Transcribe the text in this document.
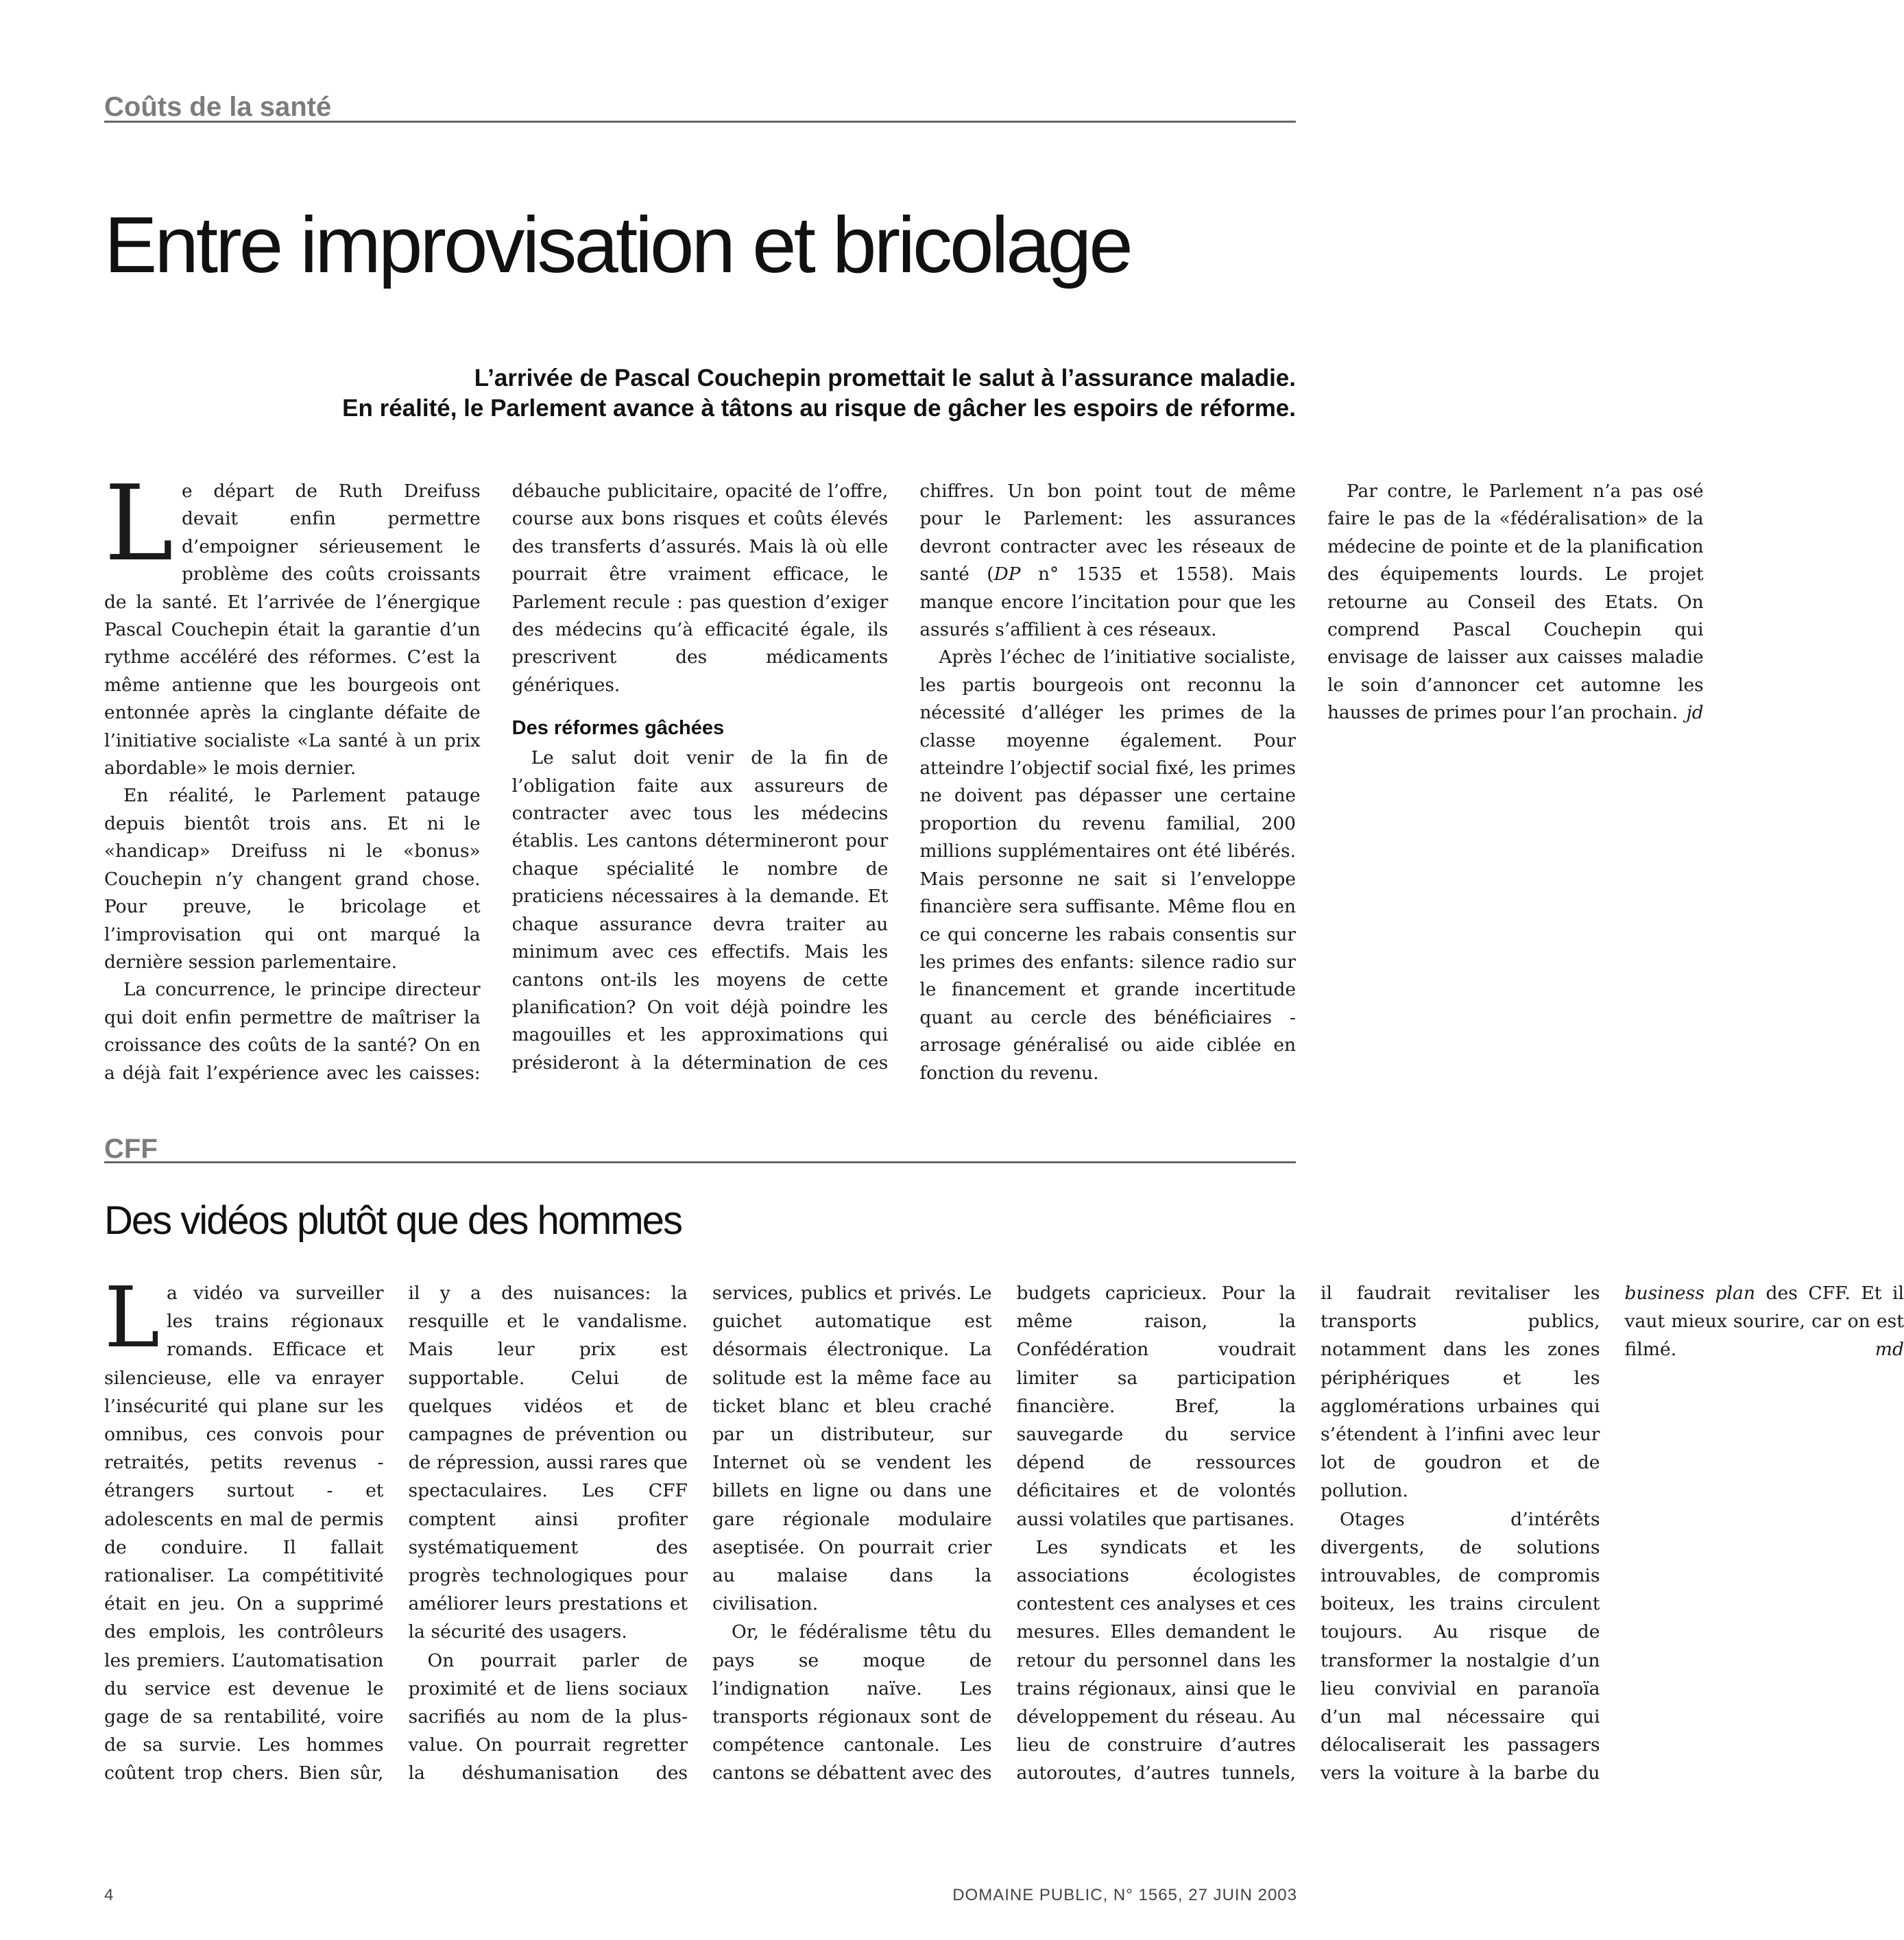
Coûts de la santé
Entre improvisation et bricolage
L’arrivée de Pascal Couchepin promettait le salut à l’assurance maladie.
En réalité, le Parlement avance à tâtons au risque de gâcher les espoirs de réforme.

Le départ de Ruth Dreifuss devait enfin permettre d’empoigner sérieusement le problème des coûts croissants de la santé. Et l’arrivée de l’énergique Pascal Couchepin était la garantie d’un rythme accéléré des réformes. C’est la même antienne que les bourgeois ont entonnée après la cinglante défaite de l’initiative socialiste «La santé à un prix abordable» le mois dernier.

En réalité, le Parlement patauge depuis bientôt trois ans. Et ni le «handicap» Dreifuss ni le «bonus» Couchepin n’y changent grand chose. Pour preuve, le bricolage et l’improvisation qui ont marqué la dernière session parlementaire.

La concurrence, le principe directeur qui doit enfin permettre de maîtriser la croissance des coûts de la santé? On en a déjà fait l’expérience avec les caisses: débauche publicitaire, opacité de l’offre, course aux bons risques et coûts élevés des transferts d’assurés. Mais là où elle pourrait être vraiment efficace, le Parlement recule : pas question d’exiger des médecins qu’à efficacité égale, ils prescrivent des médicaments génériques.

Des réformes gâchées

Le salut doit venir de la fin de l’obligation faite aux assureurs de contracter avec tous les médecins établis. Les cantons détermineront pour chaque spécialité le nombre de praticiens nécessaires à la demande. Et chaque assurance devra traiter au minimum avec ces effectifs. Mais les cantons ont-ils les moyens de cette planification? On voit déjà poindre les magouilles et les approximations qui présideront à la détermination de ces chiffres. Un bon point tout de même pour le Parlement: les assurances devront contracter avec les réseaux de santé (DP n° 1535 et 1558). Mais manque encore l’incitation pour que les assurés s’affilient à ces réseaux.

Après l’échec de l’initiative socialiste, les partis bourgeois ont reconnu la nécessité d’alléger les primes de la classe moyenne également. Pour atteindre l’objectif social fixé, les primes ne doivent pas dépasser une certaine proportion du revenu familial, 200 millions supplémentaires ont été libérés. Mais personne ne sait si l’enveloppe financière sera suffisante. Même flou en ce qui concerne les rabais consentis sur les primes des enfants: silence radio sur le financement et grande incertitude quant au cercle des bénéficiaires - arrosage généralisé ou aide ciblée en fonction du revenu.

Par contre, le Parlement n’a pas osé faire le pas de la «fédéralisation» de la médecine de pointe et de la planification des équipements lourds. Le projet retourne au Conseil des Etats. On comprend Pascal Couchepin qui envisage de laisser aux caisses maladie le soin d’annoncer cet automne les hausses de primes pour l’an prochain. jd

CFF
Des vidéos plutôt que des hommes

La vidéo va surveiller les trains régionaux romands. Efficace et silencieuse, elle va enrayer l’insécurité qui plane sur les omnibus, ces convois pour retraités, petits revenus - étrangers surtout - et adolescents en mal de permis de conduire. Il fallait rationaliser. La compétitivité était en jeu. On a supprimé des emplois, les contrôleurs les premiers. L’automatisation du service est devenue le gage de sa rentabilité, voire de sa survie. Les hommes coûtent trop chers. Bien sûr, il y a des nuisances: la resquille et le vandalisme. Mais leur prix est supportable. Celui de quelques vidéos et de campagnes de prévention ou de répression, aussi rares que spectaculaires. Les CFF comptent ainsi profiter systématiquement des progrès technologiques pour améliorer leurs prestations et la sécurité des usagers.

On pourrait parler de proximité et de liens sociaux sacrifiés au nom de la plus-value. On pourrait regretter la déshumanisation des services, publics et privés. Le guichet automatique est désormais électronique. La solitude est la même face au ticket blanc et bleu craché par un distributeur, sur Internet où se vendent les billets en ligne ou dans une gare régionale modulaire aseptisée. On pourrait crier au malaise dans la civilisation.

Or, le fédéralisme têtu du pays se moque de l’indignation naïve. Les transports régionaux sont de compétence cantonale. Les cantons se débattent avec des budgets capricieux. Pour la même raison, la Confédération voudrait limiter sa participation financière. Bref, la sauvegarde du service dépend de ressources déficitaires et de volontés aussi volatiles que partisanes.

Les syndicats et les associations écologistes contestent ces analyses et ces mesures. Elles demandent le retour du personnel dans les trains régionaux, ainsi que le développement du réseau. Au lieu de construire d’autres autoroutes, d’autres tunnels, il faudrait revitaliser les transports publics, notamment dans les zones périphériques et les agglomérations urbaines qui s’étendent à l’infini avec leur lot de goudron et de pollution.

Otages d’intérêts divergents, de solutions introuvables, de compromis boiteux, les trains circulent toujours. Au risque de transformer la nostalgie d’un lieu convivial en paranoïa d’un mal nécessaire qui délocaliserait les passagers vers la voiture à la barbe du business plan des CFF. Et il vaut mieux sourire, car on est filmé.	md

4	DOMAINE PUBLIC, N° 1565, 27 JUIN 2003
